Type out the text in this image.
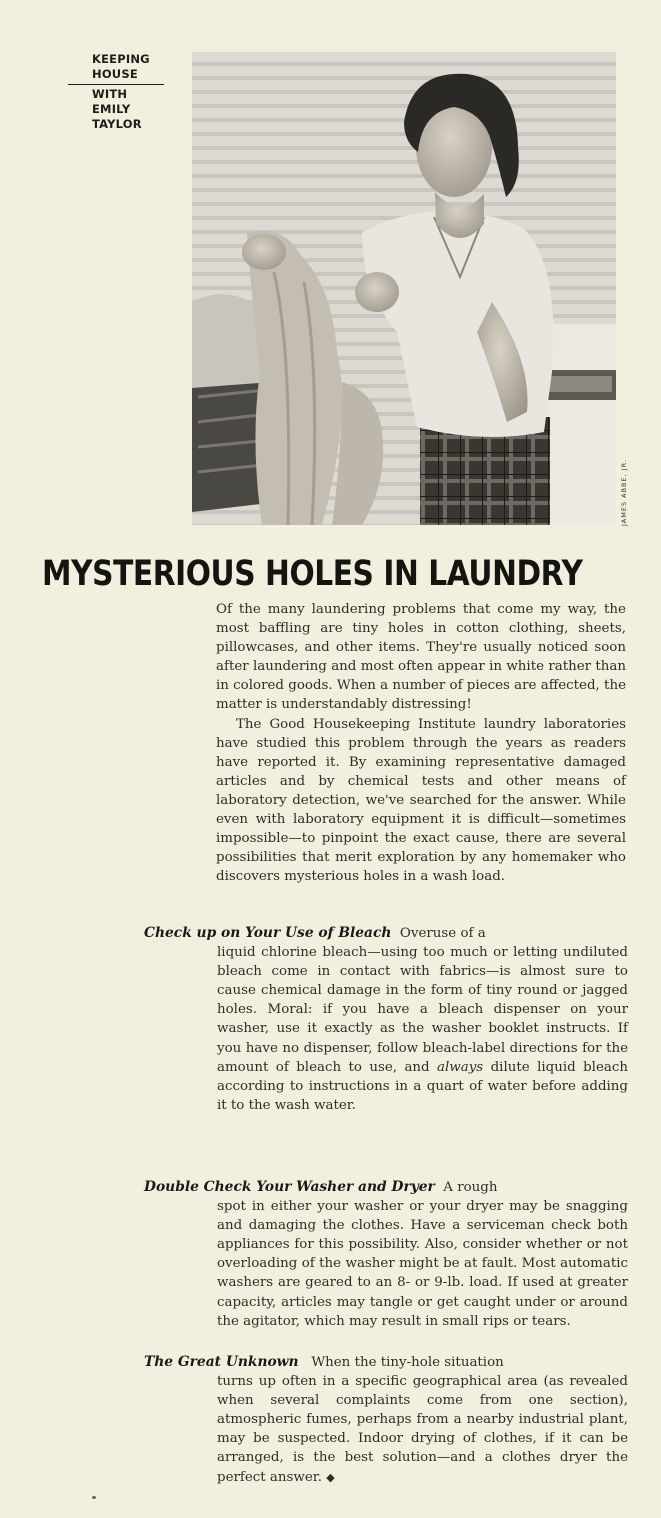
KEEPING
HOUSE
WITH
EMILY
TAYLOR
JAMES ABBE, JR.
MYSTERIOUS HOLES IN LAUNDRY

Of the many laundering problems that come my way, the most baffling are tiny holes in cotton clothing, sheets, pillowcases, and other items. They're usually noticed soon after laundering and most often appear in white rather than in colored goods. When a number of pieces are affected, the matter is understandably distressing!

The Good Housekeeping Institute laundry laboratories have studied this problem through the years as readers have reported it. By examining representative damaged articles and by chemical tests and other means of laboratory detection, we've searched for the answer. While even with laboratory equipment it is difficult—sometimes impossible—to pinpoint the exact cause, there are several possibilities that merit exploration by any homemaker who discovers mysterious holes in a wash load.

Check up on Your Use of Bleach Overuse of a
liquid chlorine bleach—using too much or letting undiluted bleach come in contact with fabrics—is almost sure to cause chemical damage in the form of tiny round or jagged holes. Moral: if you have a bleach dispenser on your washer, use it exactly as the washer booklet instructs. If you have no dispenser, follow bleach-label directions for the amount of bleach to use, and always dilute liquid bleach according to instructions in a quart of water before adding it to the wash water.
Double Check Your Washer and Dryer A rough
spot in either your washer or your dryer may be snagging and damaging the clothes. Have a serviceman check both appliances for this possibility. Also, consider whether or not overloading of the washer might be at fault. Most automatic washers are geared to an 8- or 9-lb. load. If used at greater capacity, articles may tangle or get caught under or around the agitator, which may result in small rips or tears.
The Great Unknown When the tiny-hole situation
turns up often in a specific geographical area (as revealed when several complaints come from one section), atmospheric fumes, perhaps from a nearby industrial plant, may be suspected. Indoor drying of clothes, if it can be arranged, is the best solution—and a clothes dryer the perfect answer. ◆
